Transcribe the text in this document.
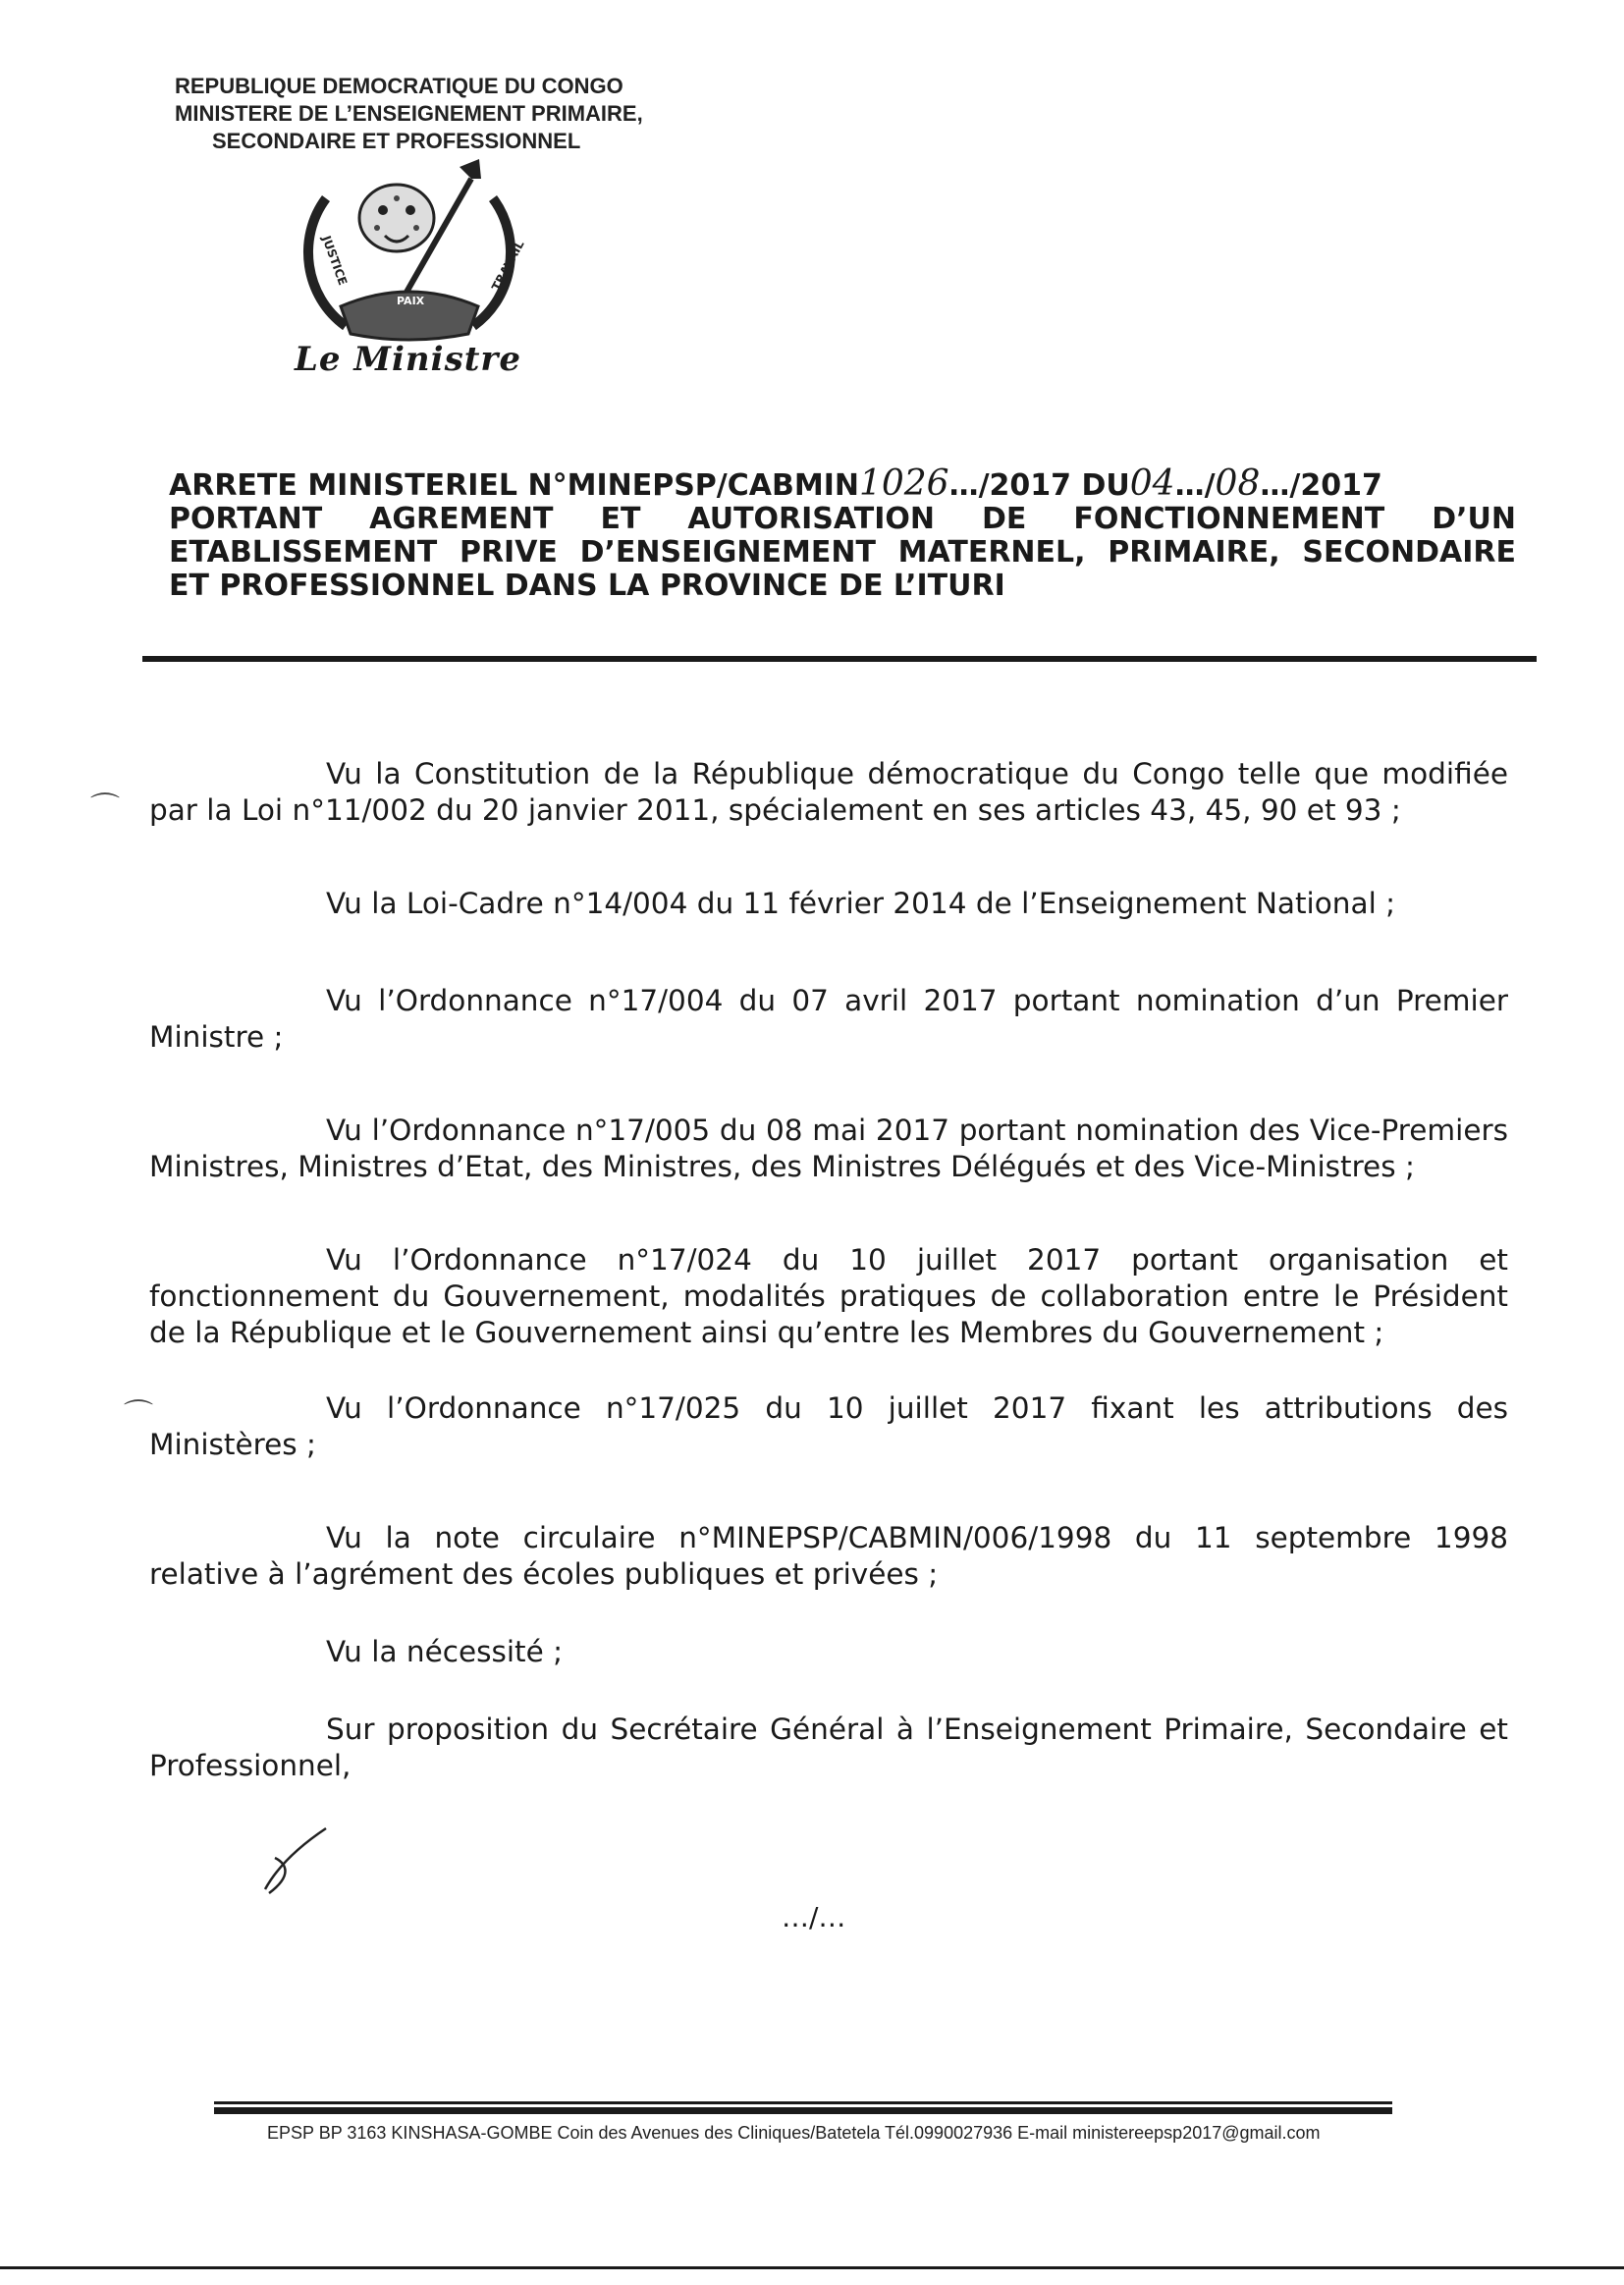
REPUBLIQUE DEMOCRATIQUE DU CONGO
MINISTERE DE L’ENSEIGNEMENT PRIMAIRE,
SECONDAIRE ET PROFESSIONNEL
JUSTICE	TRAVAIL
PAIX
Le Ministre
ARRETE MINISTERIEL N°MINEPSP/CABMIN1026…/2017 DU04…/08…/2017
PORTANT AGREMENT ET AUTORISATION DE FONCTIONNEMENT D’UN
ETABLISSEMENT PRIVE D’ENSEIGNEMENT MATERNEL, PRIMAIRE, SECONDAIRE
ET PROFESSIONNEL DANS LA PROVINCE DE L’ITURI
⌒
⌒

Vu la Constitution de la République démocratique du Congo telle que modifiée par la Loi n°11/002 du 20 janvier 2011, spécialement en ses articles 43, 45, 90 et 93 ;

Vu la Loi-Cadre n°14/004 du 11 février 2014 de l’Enseignement National ;

Vu l’Ordonnance n°17/004 du 07 avril 2017 portant nomination d’un Premier Ministre ;

Vu l’Ordonnance n°17/005 du 08 mai 2017 portant nomination des Vice-Premiers Ministres, Ministres d’Etat, des Ministres, des Ministres Délégués et des Vice-Ministres ;

Vu l’Ordonnance n°17/024 du 10 juillet 2017 portant organisation et fonctionnement du Gouvernement, modalités pratiques de collaboration entre le Président de la République et le Gouvernement ainsi qu’entre les Membres du Gouvernement ;

Vu l’Ordonnance n°17/025 du 10 juillet 2017 fixant les attributions des Ministères ;

Vu la note circulaire n°MINEPSP/CABMIN/006/1998 du 11 septembre 1998 relative à l’agrément des écoles publiques et privées ;

Vu la nécessité ;

Sur proposition du Secrétaire Général à l’Enseignement Primaire, Secondaire et Professionnel,

…/…
EPSP BP 3163 KINSHASA-GOMBE Coin des Avenues des Cliniques/Batetela Tél.0990027936 E-mail ministereepsp2017@gmail.com
